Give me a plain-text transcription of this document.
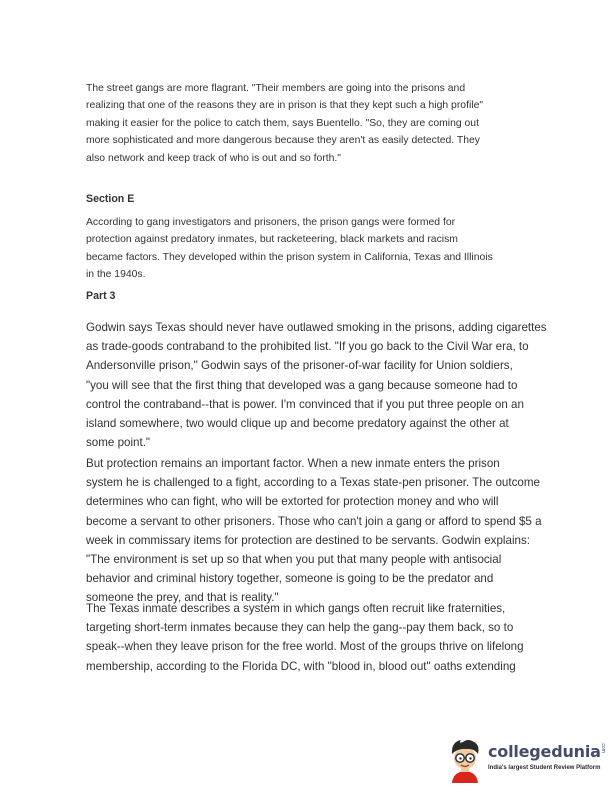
The street gangs are more flagrant. "Their members are going into the prisons and
realizing that one of the reasons they are in prison is that they kept such a high profile"
making it easier for the police to catch them, says Buentello. "So, they are coming out
more sophisticated and more dangerous because they aren't as easily detected. They
also network and keep track of who is out and so forth."
Section E
According to gang investigators and prisoners, the prison gangs were formed for
protection against predatory inmates, but racketeering, black markets and racism
became factors. They developed within the prison system in California, Texas and Illinois
in the 1940s.
Part 3
Godwin says Texas should never have outlawed smoking in the prisons, adding cigarettes
as trade-goods contraband to the prohibited list. "If you go back to the Civil War era, to
Andersonville prison," Godwin says of the prisoner-of-war facility for Union soldiers,
"you will see that the first thing that developed was a gang because someone had to
control the contraband--that is power. I'm convinced that if you put three people on an
island somewhere, two would clique up and become predatory against the other at
some point."
But protection remains an important factor. When a new inmate enters the prison
system he is challenged to a fight, according to a Texas state-pen prisoner. The outcome
determines who can fight, who will be extorted for protection money and who will
become a servant to other prisoners. Those who can't join a gang or afford to spend $5 a
week in commissary items for protection are destined to be servants. Godwin explains:
"The environment is set up so that when you put that many people with antisocial
behavior and criminal history together, someone is going to be the predator and
someone the prey, and that is reality."
The Texas inmate describes a system in which gangs often recruit like fraternities,
targeting short-term inmates because they can help the gang--pay them back, so to
speak--when they leave prison for the free world. Most of the groups thrive on lifelong
membership, according to the Florida DC, with "blood in, blood out" oaths extending
collegedunia .com
India's largest Student Review Platform
